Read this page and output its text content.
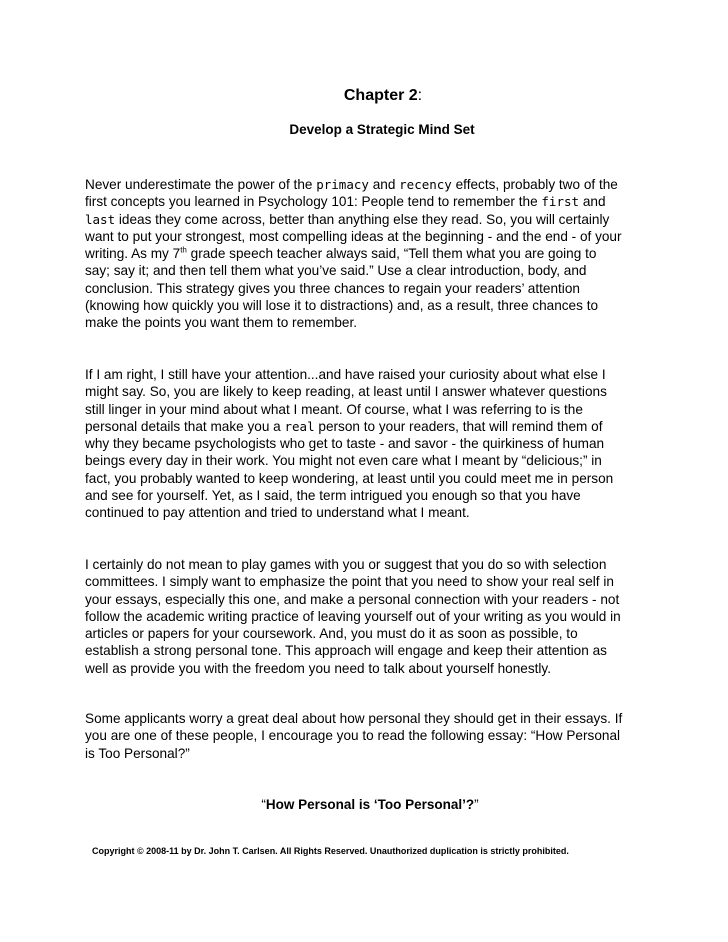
Chapter 2:
Develop a Strategic Mind Set

Never underestimate the power of the primacy and recency effects, probably two of the first concepts you learned in Psychology 101: People tend to remember the first and last ideas they come across, better than anything else they read. So, you will certainly want to put your strongest, most compelling ideas at the beginning - and the end - of your writing. As my 7th grade speech teacher always said, “Tell them what you are going to say; say it; and then tell them what you’ve said.” Use a clear introduction, body, and conclusion. This strategy gives you three chances to regain your readers’ attention (knowing how quickly you will lose it to distractions) and, as a result, three chances to make the points you want them to remember.

If I am right, I still have your attention...and have raised your curiosity about what else I might say. So, you are likely to keep reading, at least until I answer whatever questions still linger in your mind about what I meant. Of course, what I was referring to is the personal details that make you a real person to your readers, that will remind them of why they became psychologists who get to taste - and savor - the quirkiness of human beings every day in their work. You might not even care what I meant by “delicious;” in fact, you probably wanted to keep wondering, at least until you could meet me in person and see for yourself. Yet, as I said, the term intrigued you enough so that you have continued to pay attention and tried to understand what I meant.

I certainly do not mean to play games with you or suggest that you do so with selection committees. I simply want to emphasize the point that you need to show your real self in your essays, especially this one, and make a personal connection with your readers - not follow the academic writing practice of leaving yourself out of your writing as you would in articles or papers for your coursework. And, you must do it as soon as possible, to establish a strong personal tone. This approach will engage and keep their attention as well as provide you with the freedom you need to talk about yourself honestly.

Some applicants worry a great deal about how personal they should get in their essays. If you are one of these people, I encourage you to read the following essay: “How Personal is Too Personal?”

“How Personal is ‘Too Personal’?”

Copyright © 2008-11 by Dr. John T. Carlsen. All Rights Reserved. Unauthorized duplication is strictly prohibited.
